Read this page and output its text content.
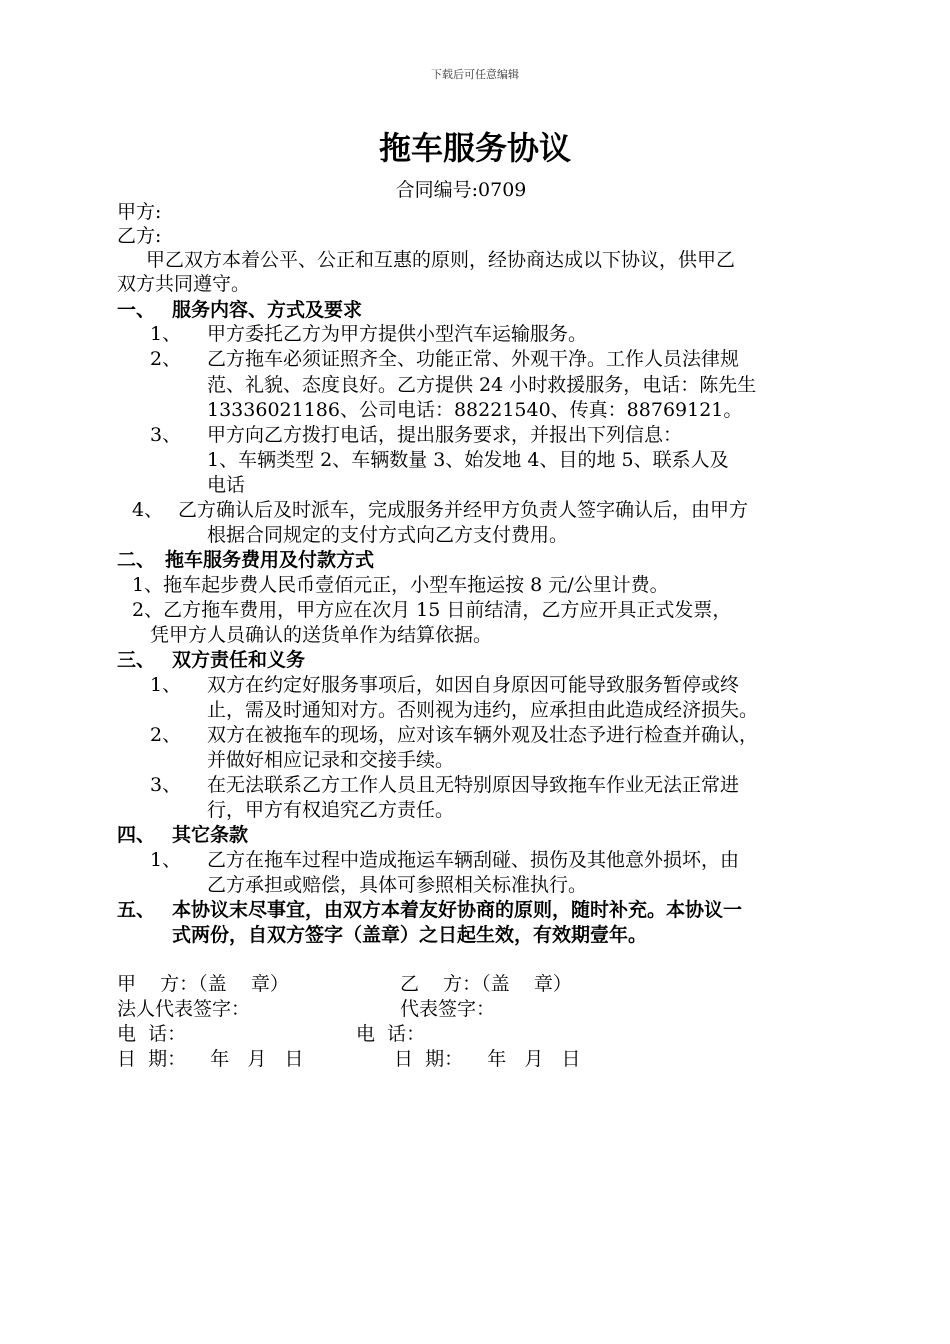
下载后可任意编辑
拖车服务协议
合同编号:0709
甲方:
乙方:
甲乙双方本着公平、公正和互惠的原则，经协商达成以下协议，供甲乙
双方共同遵守。
一、 服务内容、方式及要求
1、 甲方委托乙方为甲方提供小型汽车运输服务。
2、 乙方拖车必须证照齐全、功能正常、外观干净。工作人员法律规
范、礼貌、态度良好。乙方提供 24 小时救援服务，电话：陈先生
13336021186、公司电话：88221540、传真：88769121。
3、 甲方向乙方拨打电话，提出服务要求，并报出下列信息：
1、车辆类型 2、车辆数量 3、始发地 4、目的地 5、联系人及
电话
4、 乙方确认后及时派车，完成服务并经甲方负责人签字确认后，由甲方
根据合同规定的支付方式向乙方支付费用。
二、 拖车服务费用及付款方式
1、拖车起步费人民币壹佰元正，小型车拖运按 8 元/公里计费。
2、乙方拖车费用，甲方应在次月 15 日前结清，乙方应开具正式发票，
凭甲方人员确认的送货单作为结算依据。
三、 双方责任和义务
1、 双方在约定好服务事项后，如因自身原因可能导致服务暂停或终
止，需及时通知对方。否则视为违约，应承担由此造成经济损失。
2、 双方在被拖车的现场，应对该车辆外观及壮态予进行检查并确认，
并做好相应记录和交接手续。
3、 在无法联系乙方工作人员且无特别原因导致拖车作业无法正常进
行，甲方有权追究乙方责任。
四、 其它条款
1、 乙方在拖车过程中造成拖运车辆刮碰、损伤及其他意外损坏，由
乙方承担或赔偿，具体可参照相关标准执行。
五、 本协议末尽事宜，由双方本着友好协商的原则，随时补充。本协议一
式两份，自双方签字（盖章）之日起生效，有效期壹年。
甲    方：（盖    章）	乙    方：（盖    章）
法人代表签字：	代表签字：
电  话：	电  话：
日  期：    年   月   日	日  期：    年   月   日
